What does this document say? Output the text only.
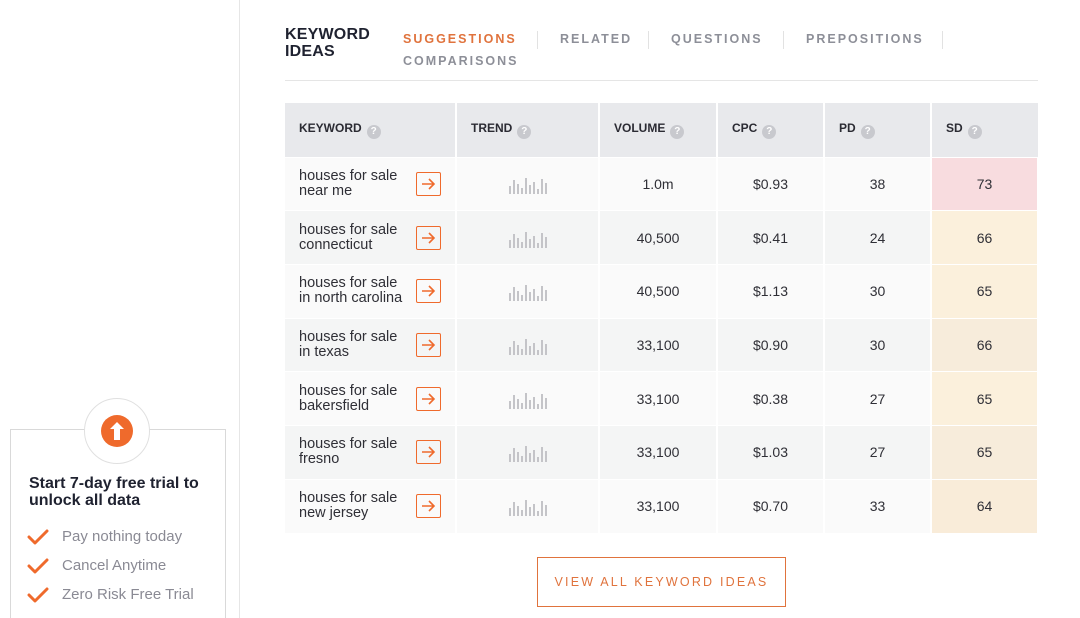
Start 7-day free trial to unlock all data
Pay nothing today
Cancel Anytime
Zero Risk Free Trial
KEYWORD IDEAS
SUGGESTIONS	RELATED	QUESTIONS	PREPOSITIONS
COMPARISONS
KEYWORD ?	TREND ?	VOLUME ?	CPC ?	PD ?	SD ?

houses for sale near me		1.0m	$0.93	38	73

houses for sale connecticut		40,500	$0.41	24	66

houses for sale in north carolina		40,500	$1.13	30	65

houses for sale in texas		33,100	$0.90	30	66

houses for sale bakersfield		33,100	$0.38	27	65

houses for sale fresno		33,100	$1.03	27	65

houses for sale new jersey		33,100	$0.70	33	64
VIEW ALL KEYWORD IDEAS
